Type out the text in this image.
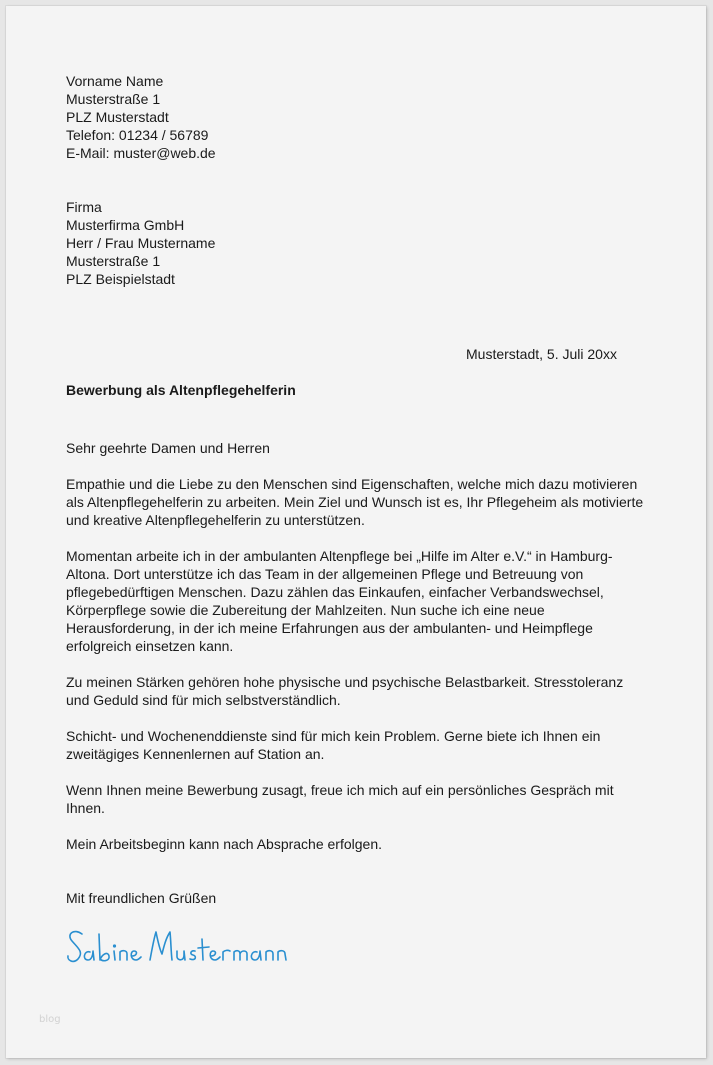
Vorname Name
Musterstraße 1
PLZ Musterstadt
Telefon: 01234 / 56789
E-Mail: muster@web.de
Firma
Musterfirma GmbH
Herr / Frau Mustername
Musterstraße 1
PLZ Beispielstadt
Musterstadt, 5. Juli 20xx

Bewerbung als Altenpflegehelferin

Sehr geehrte Damen und Herren

Empathie und die Liebe zu den Menschen sind Eigenschaften, welche mich dazu motivieren als Altenpflegehelferin zu arbeiten. Mein Ziel und Wunsch ist es, Ihr Pflegeheim als motivierte und kreative Altenpflegehelferin zu unterstützen.

Momentan arbeite ich in der ambulanten Altenpflege bei „Hilfe im Alter e.V.“ in Hamburg-Altona. Dort unterstütze ich das Team in der allgemeinen Pflege und Betreuung von pflegebedürftigen Menschen. Dazu zählen das Einkaufen, einfacher Verbandswechsel, Körperpflege sowie die Zubereitung der Mahlzeiten. Nun suche ich eine neue Herausforderung, in der ich meine Erfahrungen aus der ambulanten- und Heimpflege erfolgreich einsetzen kann.

Zu meinen Stärken gehören hohe physische und psychische Belastbarkeit. Stresstoleranz und Geduld sind für mich selbstverständlich.

Schicht- und Wochenenddienste sind für mich kein Problem. Gerne biete ich Ihnen ein zweitägiges Kennenlernen auf Station an.

Wenn Ihnen meine Bewerbung zusagt, freue ich mich auf ein persönliches Gespräch mit Ihnen.

Mein Arbeitsbeginn kann nach Absprache erfolgen.

Mit freundlichen Grüßen

blog
